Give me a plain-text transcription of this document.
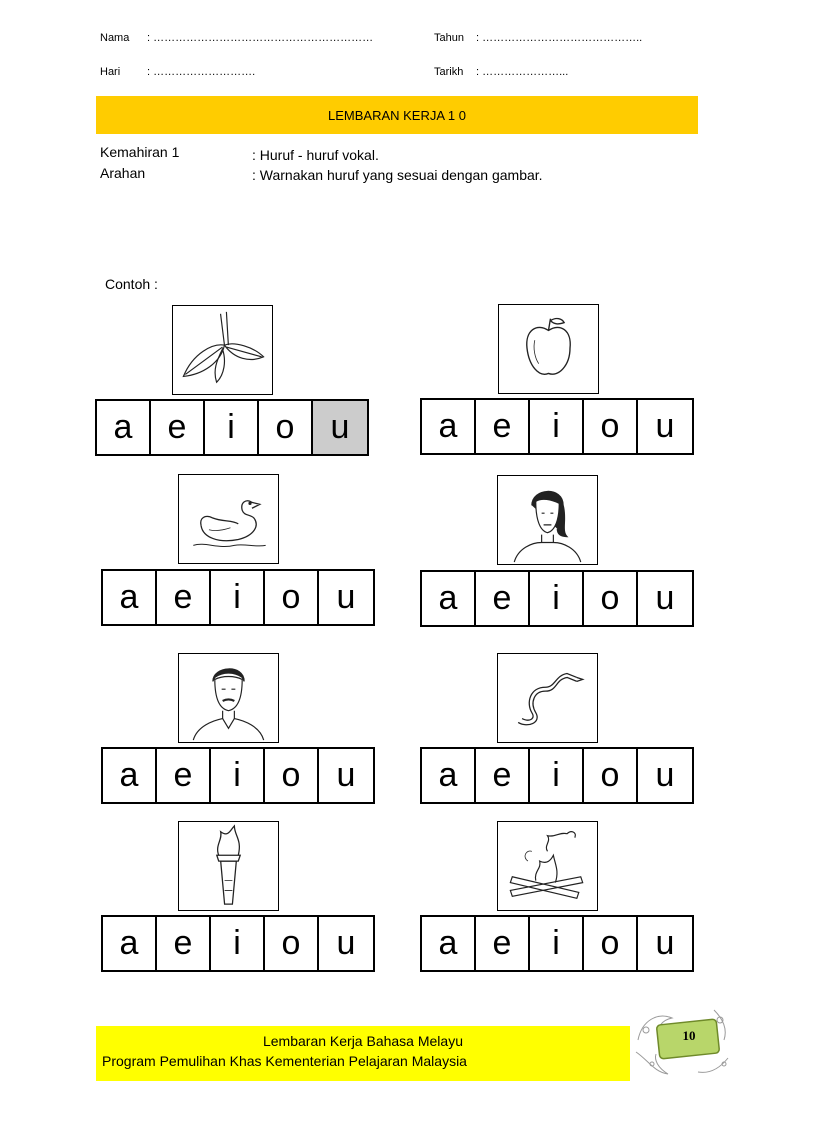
Nama : ……………………………………………………	Tahun : ……………………………………..
Hari : ……………………….	Tarikh : …………………...
LEMBARAN KERJA 1 0
Kemahiran 1	: Huruf - huruf vokal.
Arahan	: Warnakan huruf yang sesuai dengan gambar.
Contoh :
a	e	i	o	u	a	e	i	o	u
a	e	i	o	u	a	e	i	o	u
a	e	i	o	u	a	e	i	o	u
a	e	i	o	u	a	e	i	o	u
Lembaran Kerja Bahasa Melayu
Program Pemulihan Khas Kementerian Pelajaran Malaysia
10
